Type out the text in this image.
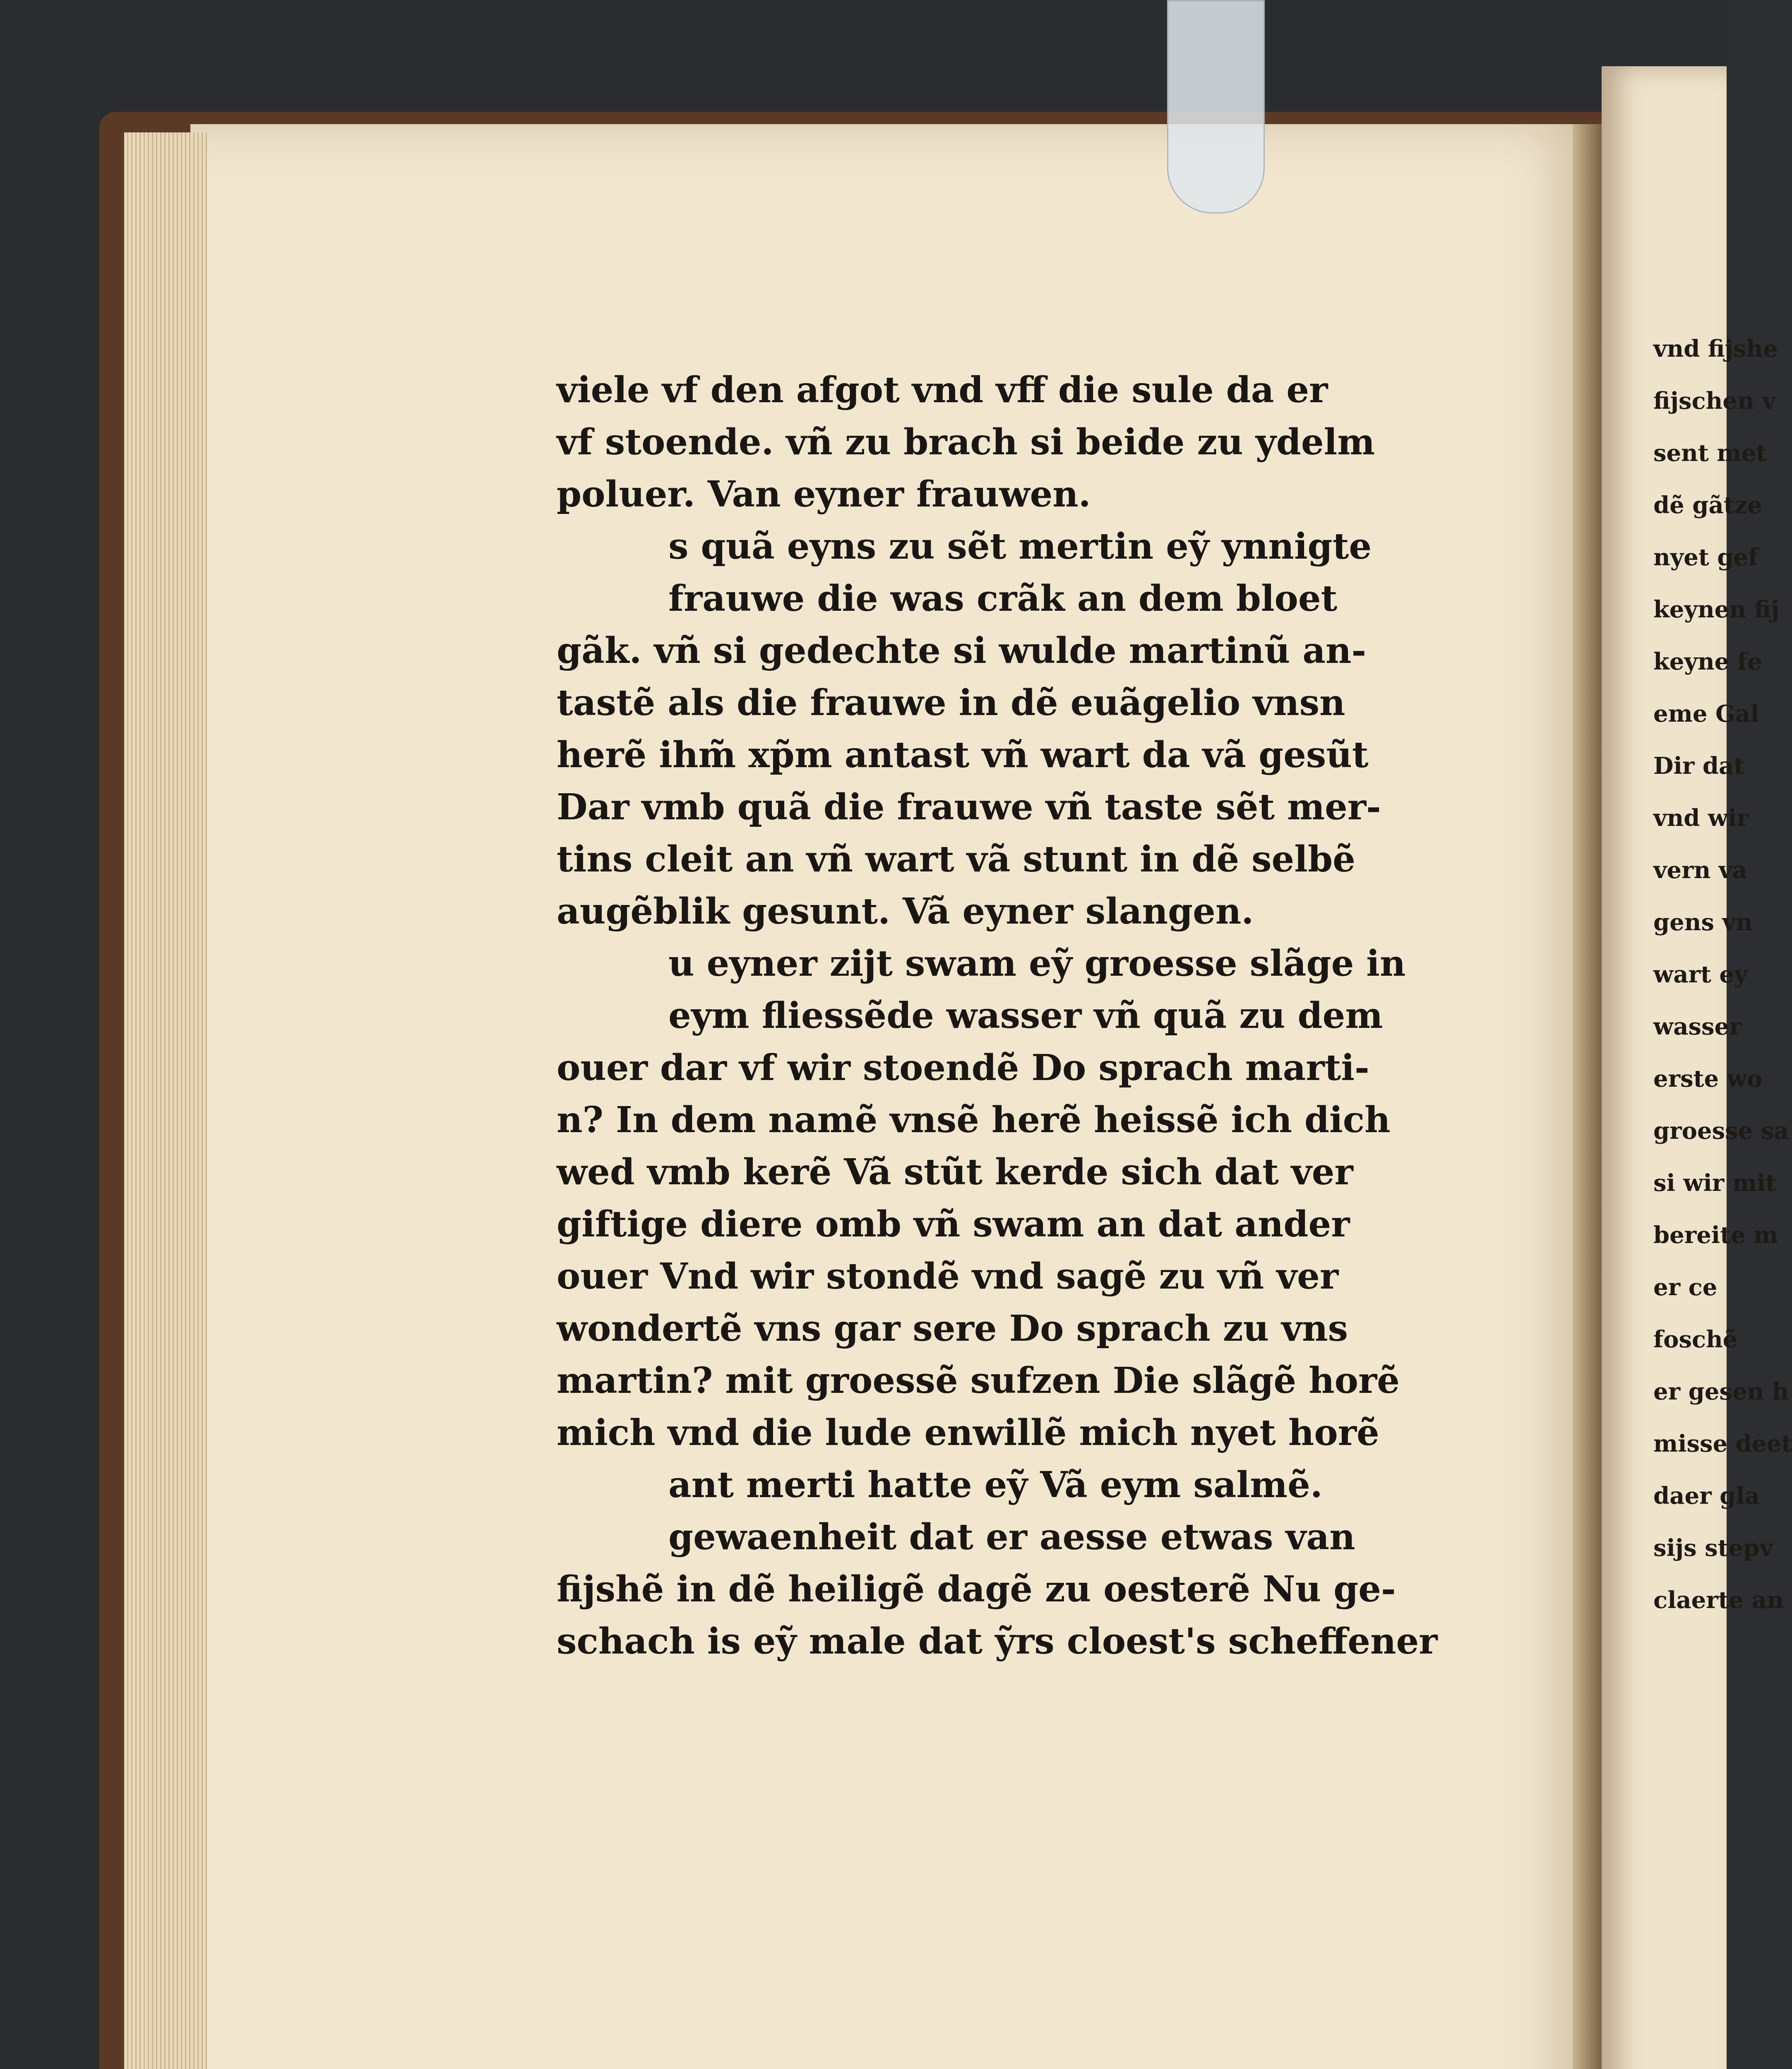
viele vf den afgot vnd vff die sule da er
vf stoende. vñ zu brach si beide zu ydelm
poluer. Van eyner frauwen.
s quã eyns zu sẽt mertin eỹ ynnigte
frauwe die was crãk an dem bloet
gãk. vñ si gedechte si wulde martinũ an-
tastẽ als die frauwe in dẽ euãgelio vnsn
herẽ ihm̃ xp̃m antast vñ wart da vã gesũt
Dar vmb quã die frauwe vñ taste sẽt mer-
tins cleit an vñ wart vã stunt in dẽ selbẽ
augẽblik gesunt. Vã eyner slangen.
u eyner zijt swam eỹ groesse slãge in
eym fliessẽde wasser vñ quã zu dem
ouer dar vf wir stoendẽ Do sprach marti-
n? In dem namẽ vnsẽ herẽ heissẽ ich dich
wed vmb kerẽ Vã stũt kerde sich dat ver
giftige diere omb vñ swam an dat ander
ouer Vnd wir stondẽ vnd sagẽ zu vñ ver
wondertẽ vns gar sere Do sprach zu vns
martin? mit groessẽ sufzen Die slãgẽ horẽ
mich vnd die lude enwillẽ mich nyet horẽ
ant merti hatte eỹ Vã eym salmẽ.
gewaenheit dat er aesse etwas van
fijshẽ in dẽ heiligẽ dagẽ zu oesterẽ Nu ge-
schach is eỹ male dat ỹrs cloest's scheffener
vnd fijshe
fijschen v
sent met
dẽ gãtze
nyet gef
keynen fij
keyne fe
eme Gal
Dir dat
vnd wir
vern va
gens vn
wart ey
wasser
erste wo
groesse sa
si wir mit
bereite m
er ce
foschẽ
er gesen h
misse deet
daer gla
sijs stepv
claerte an
